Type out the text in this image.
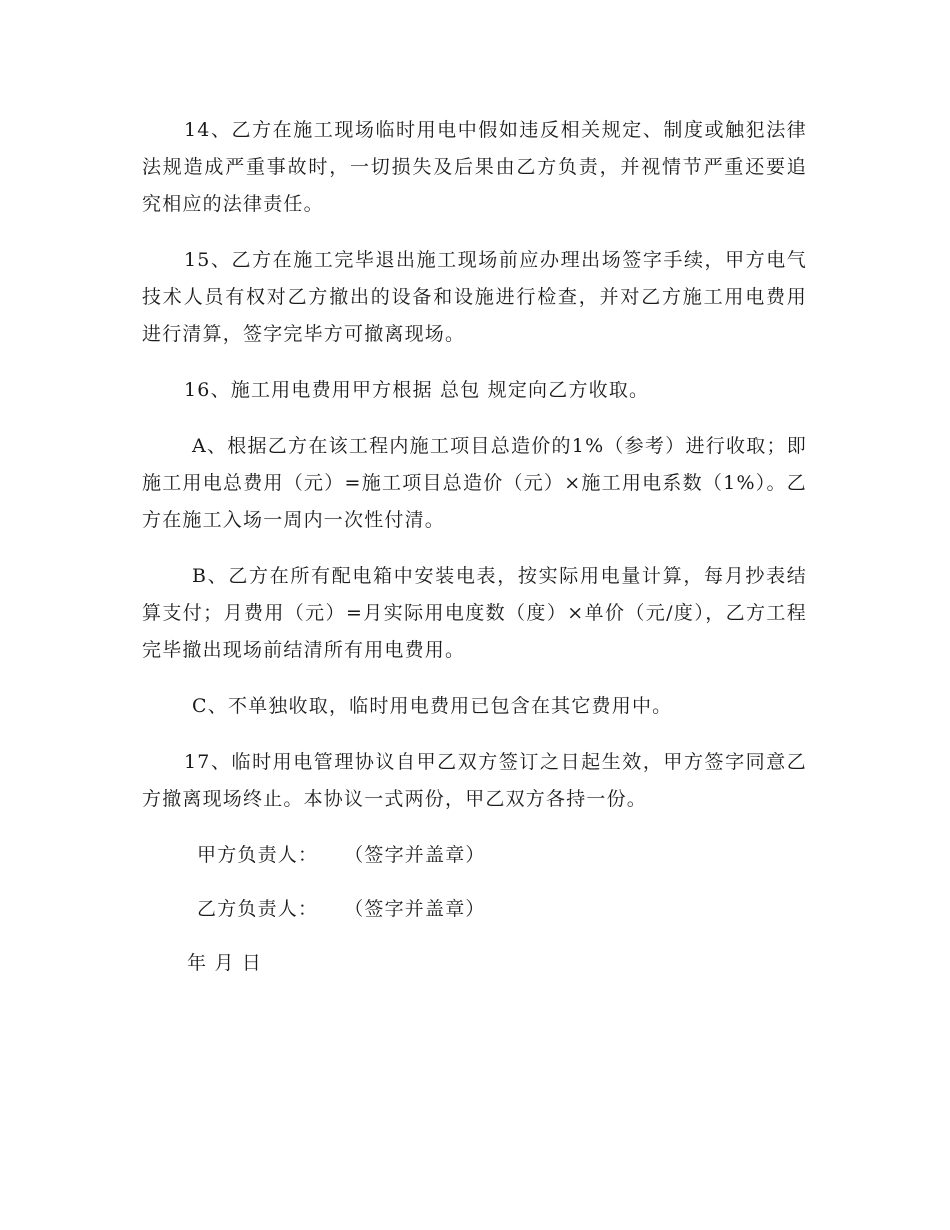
14、乙方在施工现场临时用电中假如违反相关规定、制度或触犯法律法规造成严重事故时，一切损失及后果由乙方负责，并视情节严重还要追究相应的法律责任。

15、乙方在施工完毕退出施工现场前应办理出场签字手续，甲方电气技术人员有权对乙方撤出的设备和设施进行检查，并对乙方施工用电费用进行清算，签字完毕方可撤离现场。

16、施工用电费用甲方根据 总包 规定向乙方收取。

A、根据乙方在该工程内施工项目总造价的1%（参考）进行收取；即施工用电总费用（元）=施工项目总造价（元）×施工用电系数（1%）。乙方在施工入场一周内一次性付清。

B、乙方在所有配电箱中安装电表，按实际用电量计算，每月抄表结算支付；月费用（元）=月实际用电度数（度）×单价（元/度），乙方工程完毕撤出现场前结清所有用电费用。

C、不单独收取，临时用电费用已包含在其它费用中。

17、临时用电管理协议自甲乙双方签订之日起生效，甲方签字同意乙方撤离现场终止。本协议一式两份，甲乙双方各持一份。

甲方负责人： （签字并盖章）
乙方负责人： （签字并盖章）
年 月 日
